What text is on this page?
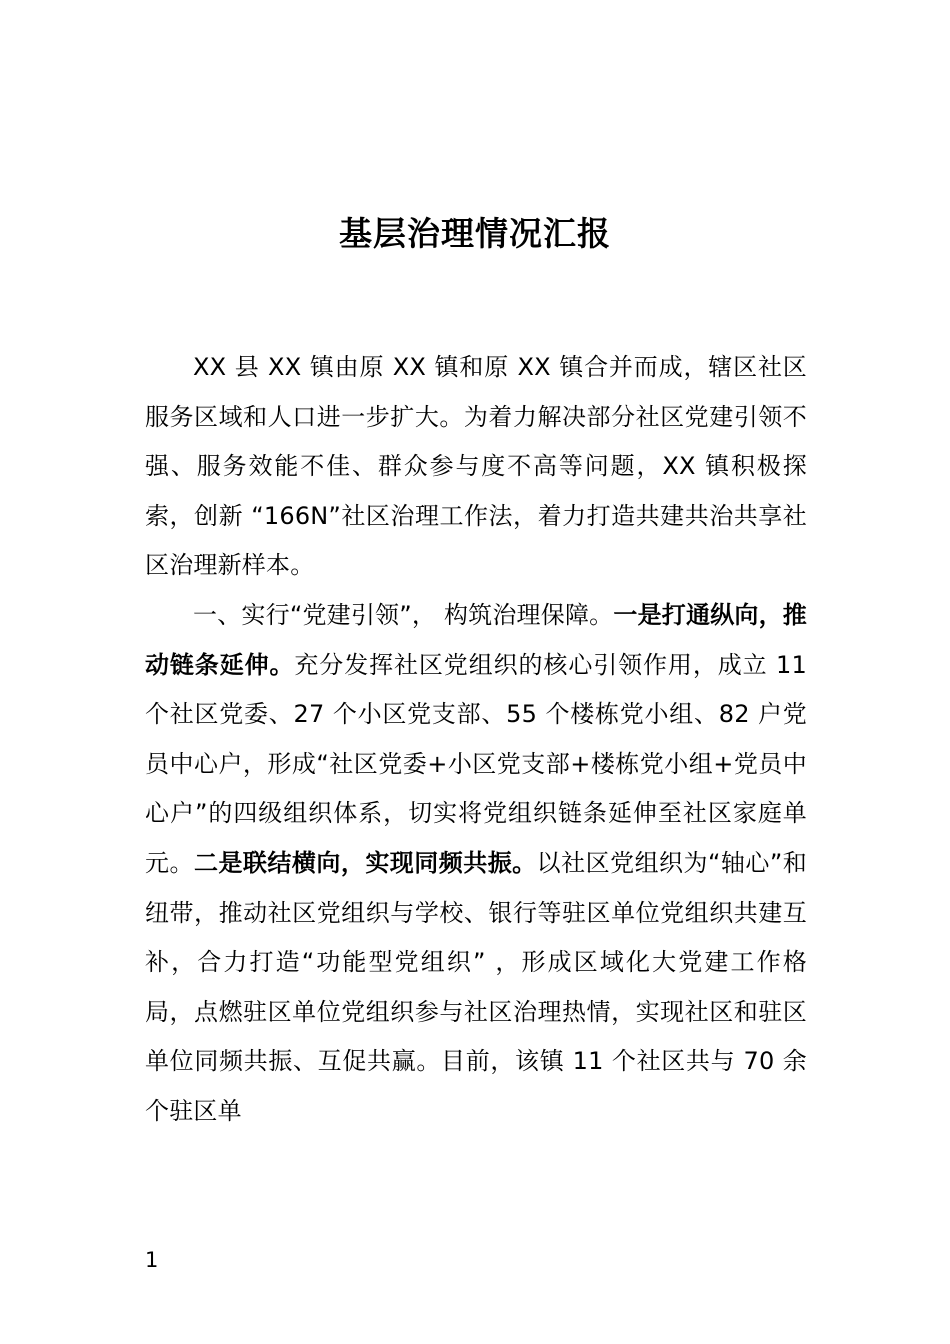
基层治理情况汇报

XX 县 XX 镇由原 XX 镇和原 XX 镇合并而成，辖区社区服务区域和人口进一步扩大。为着力解决部分社区党建引领不强、服务效能不佳、群众参与度不高等问题，XX 镇积极探索，创新 “166N”社区治理工作法，着力打造共建共治共享社区治理新样本。

一、实行“党建引领”， 构筑治理保障。一是打通纵向，推动链条延伸。充分发挥社区党组织的核心引领作用，成立 11 个社区党委、27 个小区党支部、55 个楼栋党小组、82 户党员中心户，形成“社区党委+小区党支部+楼栋党小组+党员中心户”的四级组织体系，切实将党组织链条延伸至社区家庭单元。二是联结横向，实现同频共振。以社区党组织为“轴心”和纽带，推动社区党组织与学校、银行等驻区单位党组织共建互补，合力打造“功能型党组织” ，形成区域化大党建工作格局，点燃驻区单位党组织参与社区治理热情，实现社区和驻区单位同频共振、互促共赢。目前，该镇 11 个社区共与 70 余个驻区单

1
